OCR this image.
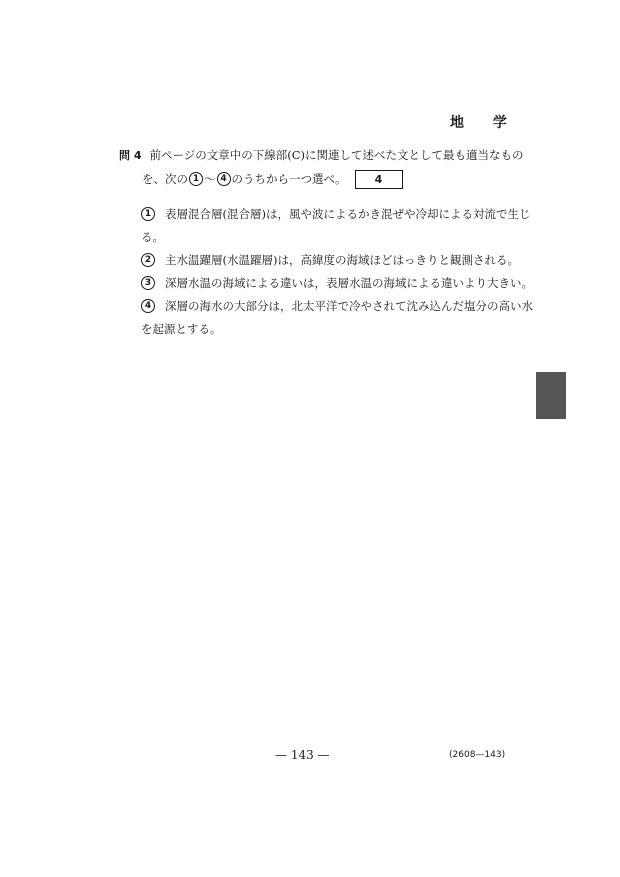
地 学
問 4 前ページの文章中の下線部(C)に関連して述べた文として最も適当なもの
を、次の 1 〜 4 のうちから一つ選べ。	4
1 表層混合層(混合層)は，風や波によるかき混ぜや冷却による対流で生じ
る。
2 主水温躍層(水温躍層)は，高緯度の海域ほどはっきりと観測される。
3 深層水温の海域による違いは，表層水温の海域による違いより大きい。
4 深層の海水の大部分は，北太平洋で冷やされて沈み込んだ塩分の高い水
を起源とする。
— 143 —	(2608—143)
